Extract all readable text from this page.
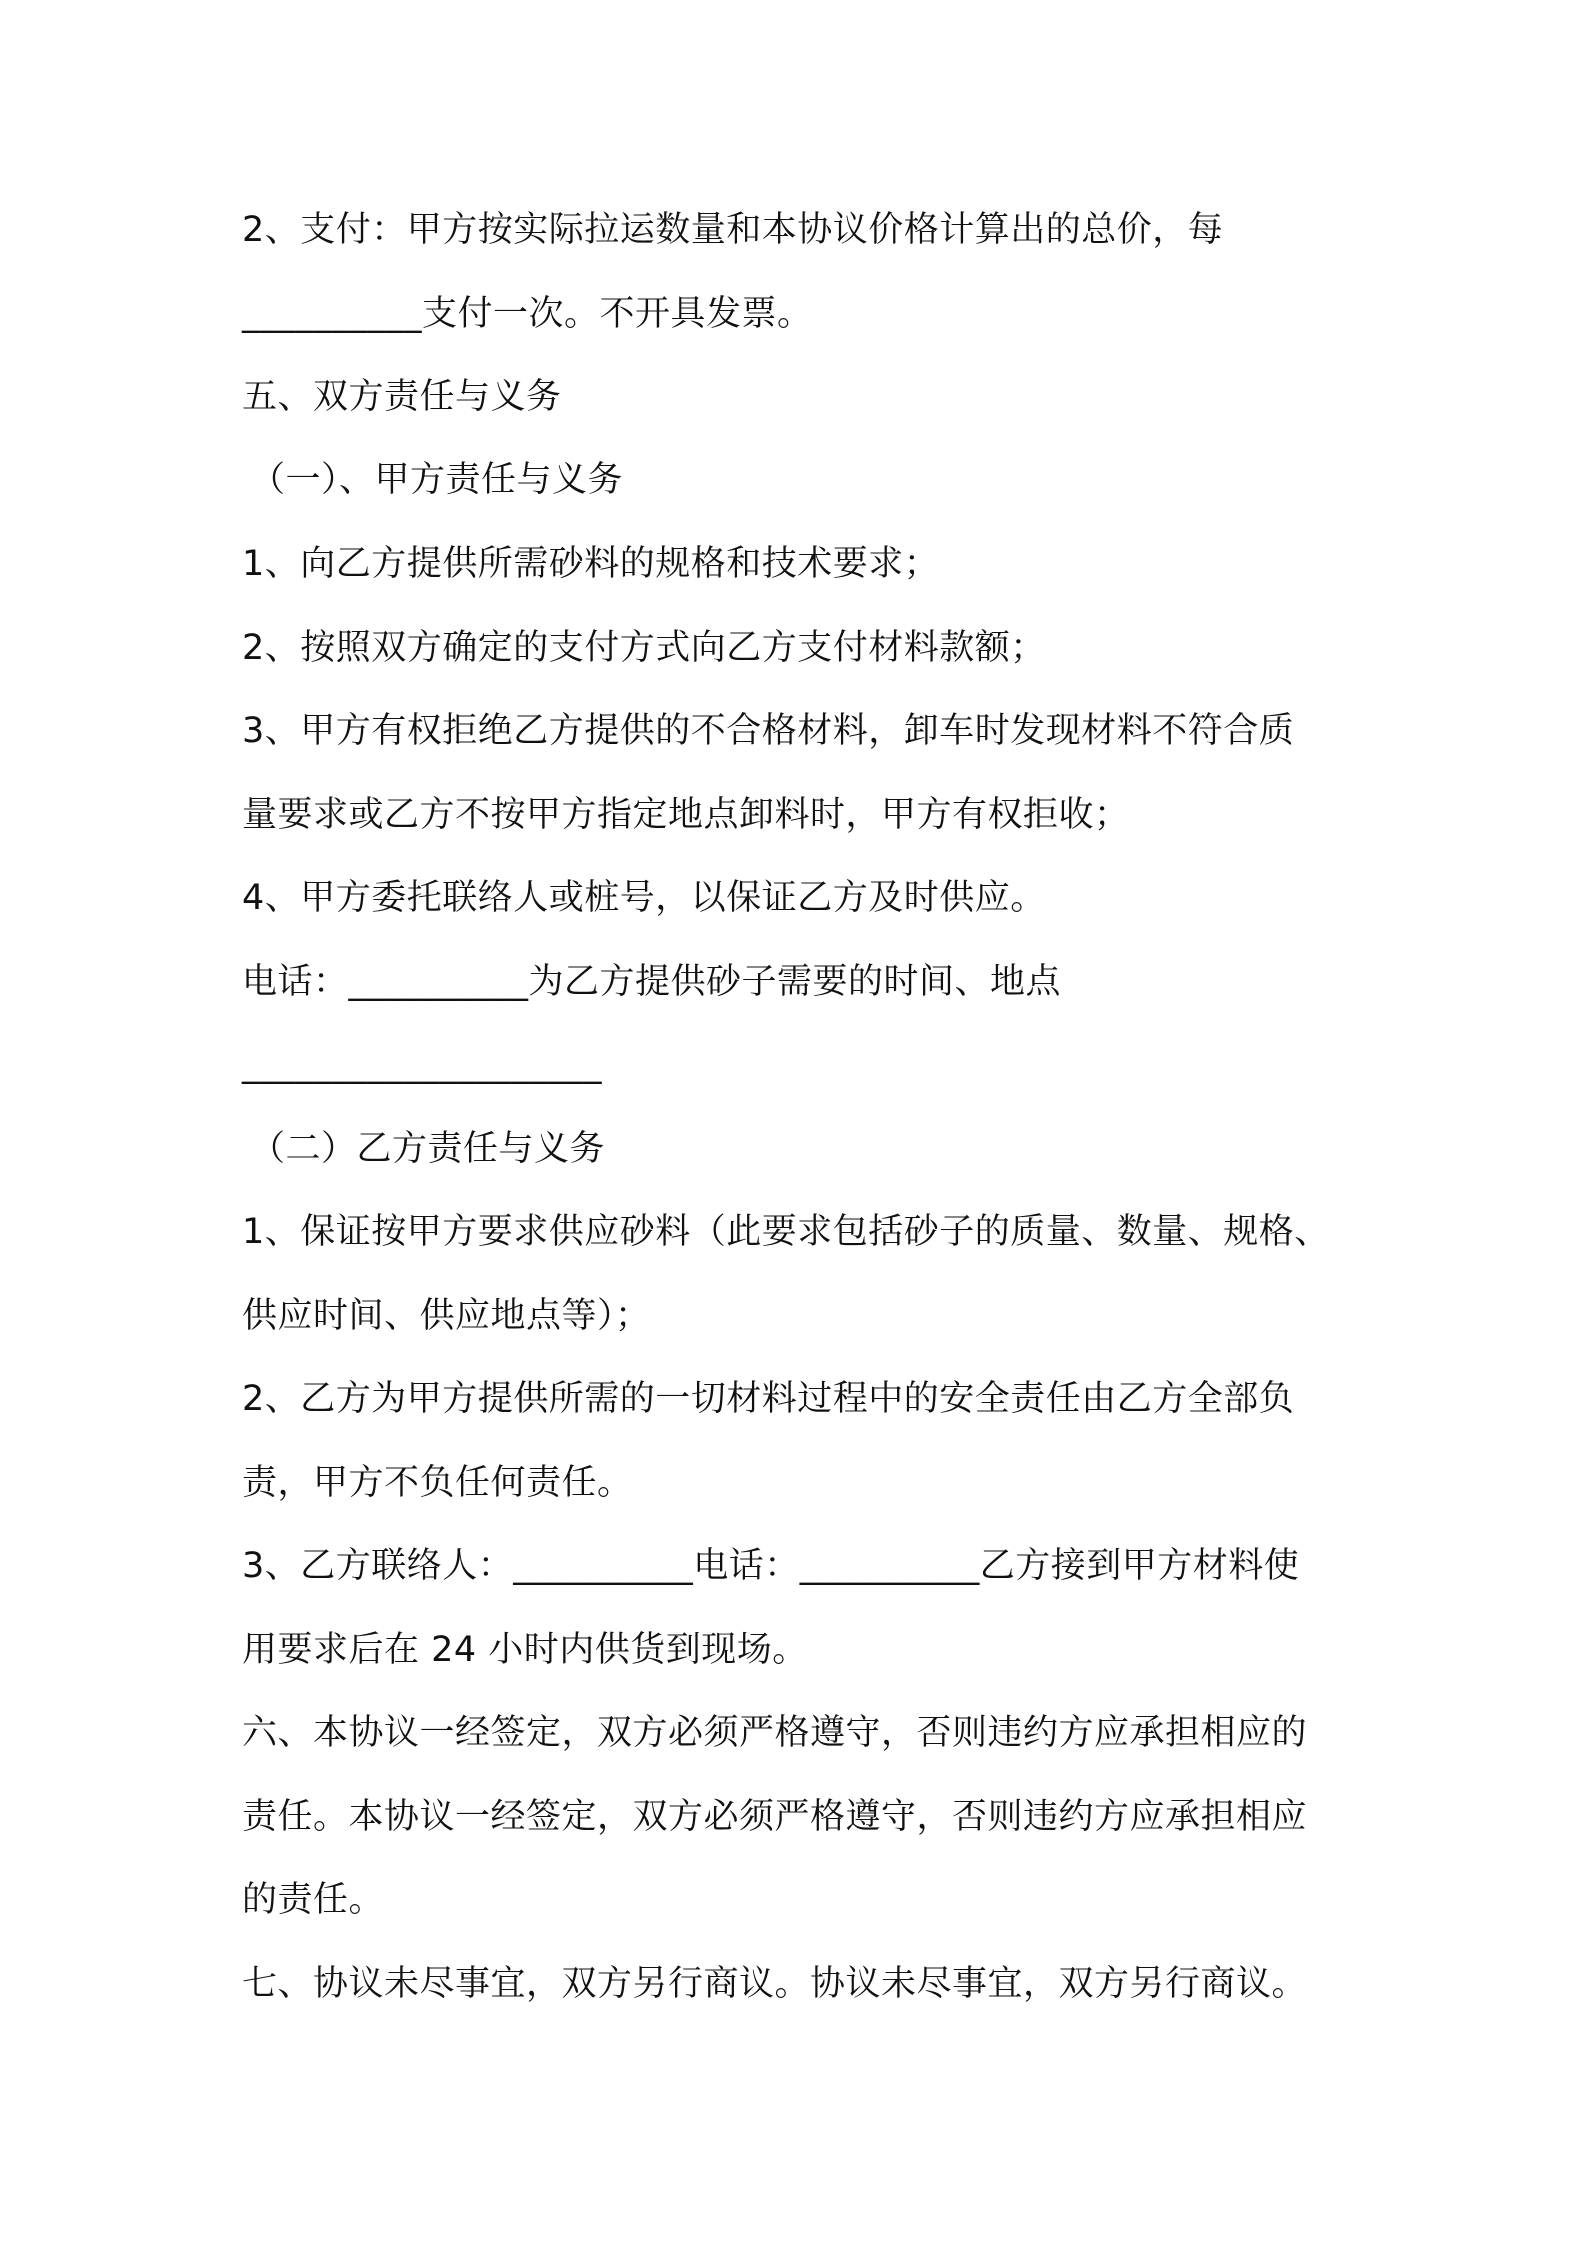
2、支付：甲方按实际拉运数量和本协议价格计算出的总价，每
__________支付一次。不开具发票。
五、双方责任与义务
（一）、甲方责任与义务
1、向乙方提供所需砂料的规格和技术要求；
2、按照双方确定的支付方式向乙方支付材料款额；
3、甲方有权拒绝乙方提供的不合格材料，卸车时发现材料不符合质
量要求或乙方不按甲方指定地点卸料时，甲方有权拒收；
4、甲方委托联络人或桩号，以保证乙方及时供应。
电话：__________为乙方提供砂子需要的时间、地点
____________________
（二）乙方责任与义务
1、保证按甲方要求供应砂料（此要求包括砂子的质量、数量、规格、
供应时间、供应地点等）；
2、乙方为甲方提供所需的一切材料过程中的安全责任由乙方全部负
责，甲方不负任何责任。
3、乙方联络人：__________电话：__________乙方接到甲方材料使
用要求后在 24 小时内供货到现场。
六、本协议一经签定，双方必须严格遵守，否则违约方应承担相应的
责任。本协议一经签定，双方必须严格遵守，否则违约方应承担相应
的责任。
七、协议未尽事宜，双方另行商议。协议未尽事宜，双方另行商议。
